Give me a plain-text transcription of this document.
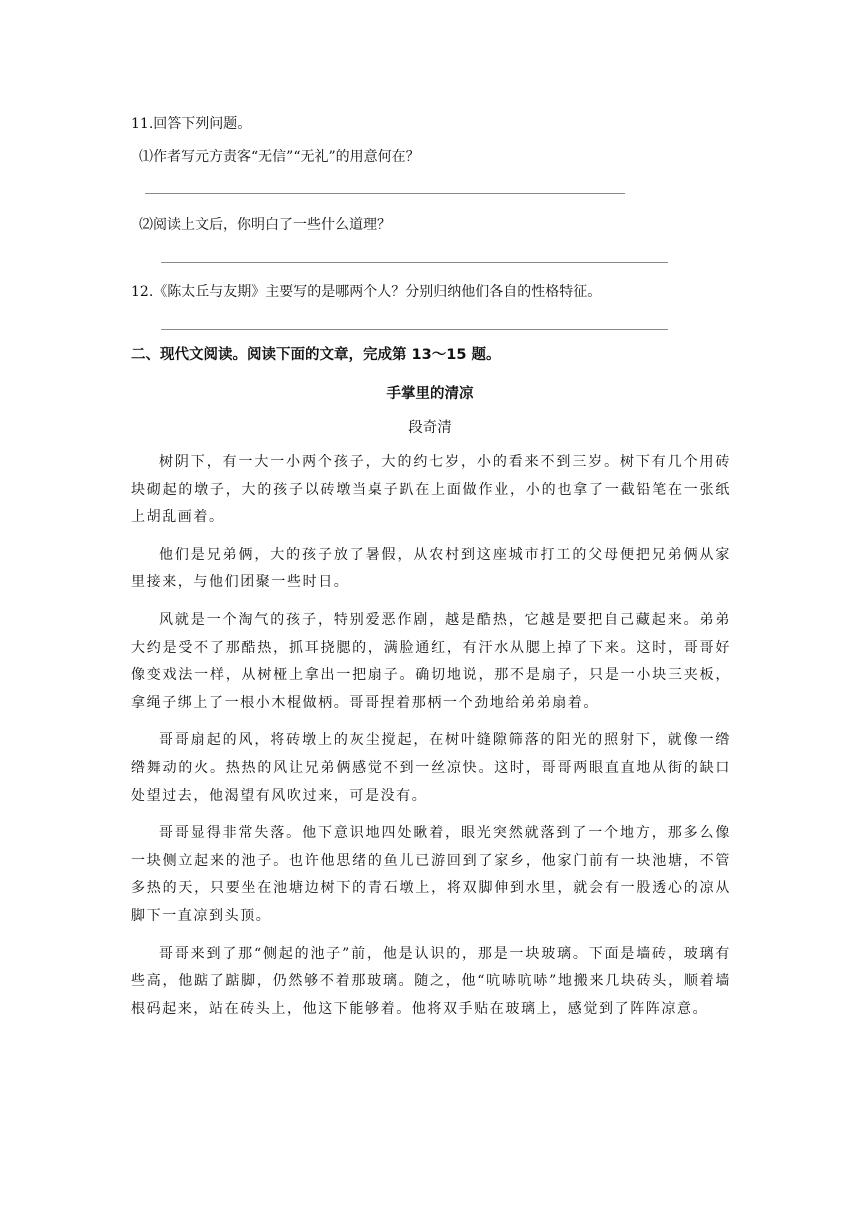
11.回答下列问题。
⑴作者写元方责客“无信”“无礼”的用意何在？
⑵阅读上文后，你明白了一些什么道理？
12.《陈太丘与友期》主要写的是哪两个人？分别归纳他们各自的性格特征。
二、现代文阅读。阅读下面的文章，完成第 13～15 题。
手掌里的清凉
段奇清

树阴下，有一大一小两个孩子，大的约七岁，小的看来不到三岁。树下有几个用砖块砌起的墩子，大的孩子以砖墩当桌子趴在上面做作业，小的也拿了一截铅笔在一张纸上胡乱画着。

他们是兄弟俩，大的孩子放了暑假，从农村到这座城市打工的父母便把兄弟俩从家里接来，与他们团聚一些时日。

风就是一个淘气的孩子，特别爱恶作剧，越是酷热，它越是要把自己藏起来。弟弟大约是受不了那酷热，抓耳挠腮的，满脸通红，有汗水从腮上掉了下来。这时，哥哥好像变戏法一样，从树桠上拿出一把扇子。确切地说，那不是扇子，只是一小块三夹板，拿绳子绑上了一根小木棍做柄。哥哥捏着那柄一个劲地给弟弟扇着。

哥哥扇起的风，将砖墩上的灰尘搅起，在树叶缝隙筛落的阳光的照射下，就像一绺绺舞动的火。热热的风让兄弟俩感觉不到一丝凉快。这时，哥哥两眼直直地从街的缺口处望过去，他渴望有风吹过来，可是没有。

哥哥显得非常失落。他下意识地四处瞅着，眼光突然就落到了一个地方，那多么像一块侧立起来的池子。也许他思绪的鱼儿已游回到了家乡，他家门前有一块池塘，不管多热的天，只要坐在池塘边树下的青石墩上，将双脚伸到水里，就会有一股透心的凉从脚下一直凉到头顶。

哥哥来到了那“侧起的池子”前，他是认识的，那是一块玻璃。下面是墙砖，玻璃有些高，他踮了踮脚，仍然够不着那玻璃。随之，他“吭哧吭哧”地搬来几块砖头，顺着墙根码起来，站在砖头上，他这下能够着。他将双手贴在玻璃上，感觉到了阵阵凉意。
